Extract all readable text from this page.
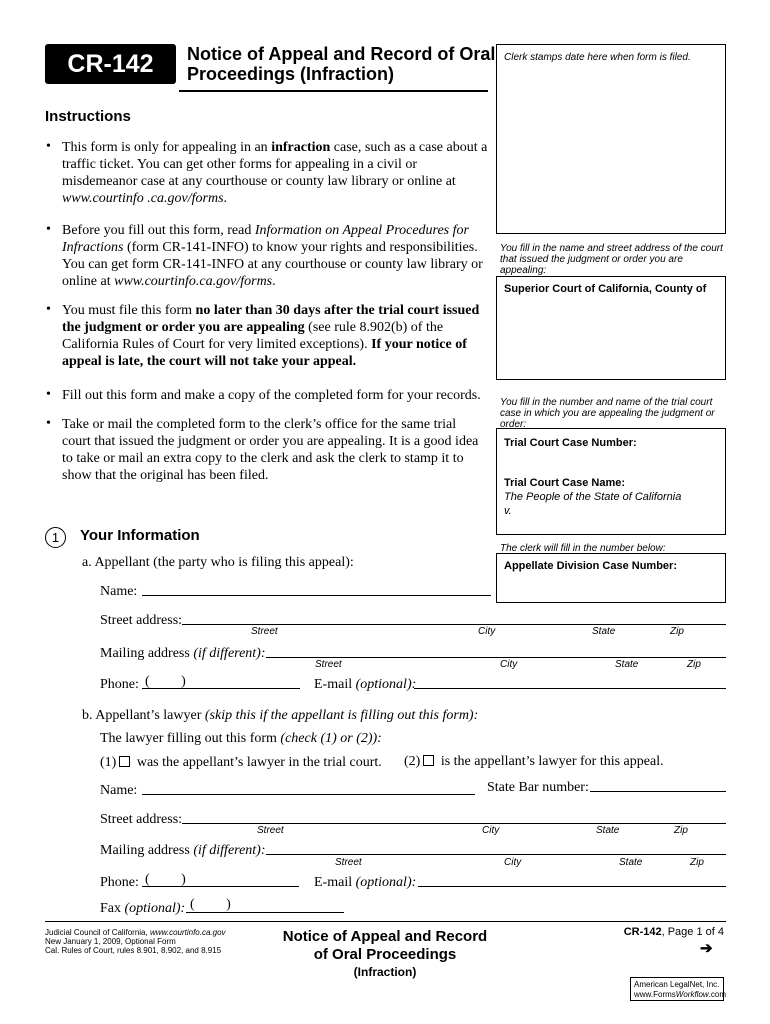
CR-142	Notice of Appeal and Record of Oral
Proceedings (Infraction)
Clerk stamps date here when form is filed.
You fill in the name and street address of the court that issued the judgment or order you are appealing:
Superior Court of California, County of
You fill in the number and name of the trial court case in which you are appealing the judgment or order:
Trial Court Case Number:
Trial Court Case Name:
The People of the State of California
v.
The clerk will fill in the number below:
Appellate Division Case Number:
Instructions
• This form is only for appealing in an infraction case, such as a case about a traffic ticket. You can get other forms for appealing in a civil or misdemeanor case at any courthouse or county law library or online at www.courtinfo .ca.gov/forms.
• Before you fill out this form, read Information on Appeal Procedures for Infractions (form CR-141-INFO) to know your rights and responsibilities. You can get form CR-141-INFO at any courthouse or county law library or online at www.courtinfo.ca.gov/forms.
• You must file this form no later than 30 days after the trial court issued the judgment or order you are appealing (see rule 8.902(b) of the California Rules of Court for very limited exceptions). If your notice of appeal is late, the court will not take your appeal.
• Fill out this form and make a copy of the completed form for your records.
• Take or mail the completed form to the clerk’s office for the same trial court that issued the judgment or order you are appealing. It is a good idea to take or mail an extra copy to the clerk and ask the clerk to stamp it to show that the original has been filed.
1	Your Information
a. Appellant (the party who is filing this appeal):
Name:
Street address:
Street	City	State	Zip
Mailing address (if different):
Street	City	State	Zip
Phone: (         )	E-mail (optional):
b. Appellant’s lawyer (skip this if the appellant is filling out this form):
The lawyer filling out this form (check (1) or (2)):
(1) was the appellant’s lawyer in the trial court. (2) is the appellant’s lawyer for this appeal.
Name:	State Bar number:
Street address:
Street	City	State	Zip
Mailing address (if different):
Street	City	State	Zip
Phone: (         )	E-mail (optional):
Fax (optional): (         )
Judicial Council of California, www.courtinfo.ca.gov
New January 1, 2009, Optional Form
Cal. Rules of Court, rules 8.901, 8.902, and 8.915
Notice of Appeal and Record
of Oral Proceedings
(Infraction)
CR-142, Page 1 of 4
➔
American LegalNet, Inc.
www.FormsWorkflow.com
